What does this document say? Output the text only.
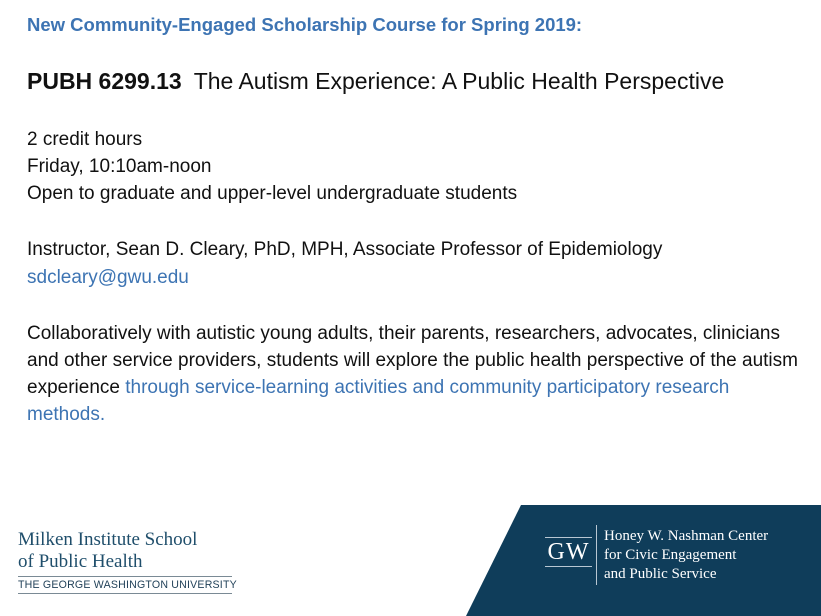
New Community-Engaged Scholarship Course for Spring 2019:
PUBH 6299.13 The Autism Experience: A Public Health Perspective
2 credit hours
Friday, 10:10am-noon
Open to graduate and upper-level undergraduate students
Instructor, Sean D. Cleary, PhD, MPH, Associate Professor of Epidemiology
sdcleary@gwu.edu
Collaboratively with autistic young adults, their parents, researchers, advocates, clinicians and other service providers, students will explore the public health perspective of the autism experience through service-learning activities and community participatory research methods.
Milken Institute School
of Public Health
THE GEORGE WASHINGTON UNIVERSITY
GW
Honey W. Nashman Center
for Civic Engagement
and Public Service
